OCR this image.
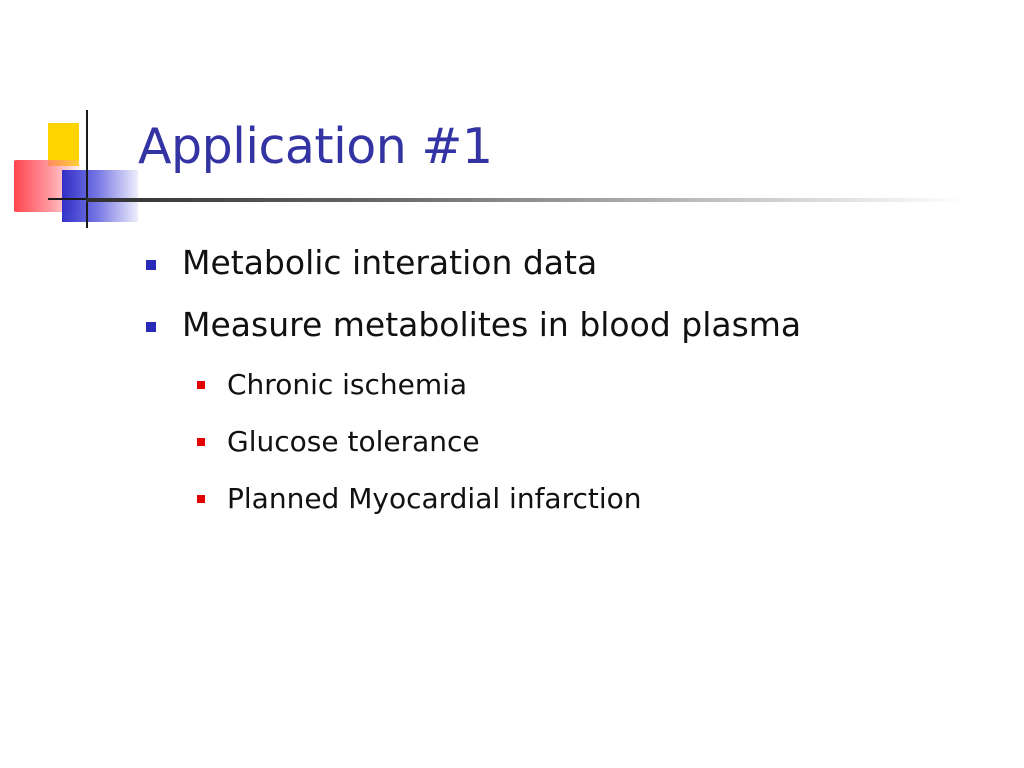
Application #1
Metabolic interation data
Measure metabolites in blood plasma
Chronic ischemia
Glucose tolerance
Planned Myocardial infarction
